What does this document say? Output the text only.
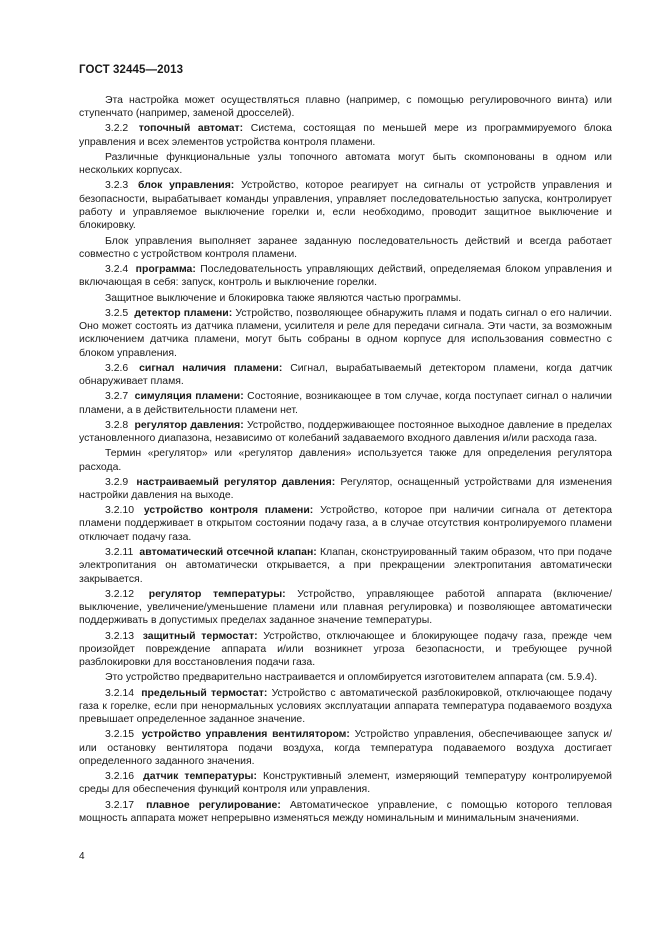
ГОСТ 32445—2013

Эта настройка может осуществляться плавно (например, с помощью регулировочного винта) или ступенчато (например, заменой дросселей).

3.2.2 топочный автомат: Система, состоящая по меньшей мере из программируемого блока управления и всех элементов устройства контроля пламени.

Различные функциональные узлы топочного автомата могут быть скомпонованы в одном или нескольких корпусах.

3.2.3 блок управления: Устройство, которое реагирует на сигналы от устройств управления и безопасности, вырабатывает команды управления, управляет последовательностью запуска, контролирует работу и управляемое выключение горелки и, если необходимо, проводит защитное выключение и блокировку.

Блок управления выполняет заранее заданную последовательность действий и всегда работает совместно с устройством контроля пламени.

3.2.4 программа: Последовательность управляющих действий, определяемая блоком управления и включающая в себя: запуск, контроль и выключение горелки.

Защитное выключение и блокировка также являются частью программы.

3.2.5 детектор пламени: Устройство, позволяющее обнаружить пламя и подать сигнал о его наличии. Оно может состоять из датчика пламени, усилителя и реле для передачи сигнала. Эти части, за возможным исключением датчика пламени, могут быть собраны в одном корпусе для использования совместно с блоком управления.

3.2.6 сигнал наличия пламени: Сигнал, вырабатываемый детектором пламени, когда датчик обнаруживает пламя.

3.2.7 симуляция пламени: Состояние, возникающее в том случае, когда поступает сигнал о наличии пламени, а в действительности пламени нет.

3.2.8 регулятор давления: Устройство, поддерживающее постоянное выходное давление в пределах установленного диапазона, независимо от колебаний задаваемого входного давления и/или расхода газа.

Термин «регулятор» или «регулятор давления» используется также для определения регулятора расхода.

3.2.9 настраиваемый регулятор давления: Регулятор, оснащенный устройствами для изменения настройки давления на выходе.

3.2.10 устройство контроля пламени: Устройство, которое при наличии сигнала от детектора пламени поддерживает в открытом состоянии подачу газа, а в случае отсутствия контролируемого пламени отключает подачу газа.

3.2.11 автоматический отсечной клапан: Клапан, сконструированный таким образом, что при подаче электропитания он автоматически открывается, а при прекращении электропитания автоматически закрывается.

3.2.12 регулятор температуры: Устройство, управляющее работой аппарата (включение/выключение, увеличение/уменьшение пламени или плавная регулировка) и позволяющее автоматически поддерживать в допустимых пределах заданное значение температуры.

3.2.13 защитный термостат: Устройство, отключающее и блокирующее подачу газа, прежде чем произойдет повреждение аппарата и/или возникнет угроза безопасности, и требующее ручной разблокировки для восстановления подачи газа.

Это устройство предварительно настраивается и опломбируется изготовителем аппарата (см. 5.9.4).

3.2.14 предельный термостат: Устройство с автоматической разблокировкой, отключающее подачу газа к горелке, если при ненормальных условиях эксплуатации аппарата температура подаваемого воздуха превышает определенное заданное значение.

3.2.15 устройство управления вентилятором: Устройство управления, обеспечивающее запуск и/или остановку вентилятора подачи воздуха, когда температура подаваемого воздуха достигает определенного заданного значения.

3.2.16 датчик температуры: Конструктивный элемент, измеряющий температуру контролируемой среды для обеспечения функций контроля или управления.

3.2.17 плавное регулирование: Автоматическое управление, с помощью которого тепловая мощность аппарата может непрерывно изменяться между номинальным и минимальным значениями.

4
